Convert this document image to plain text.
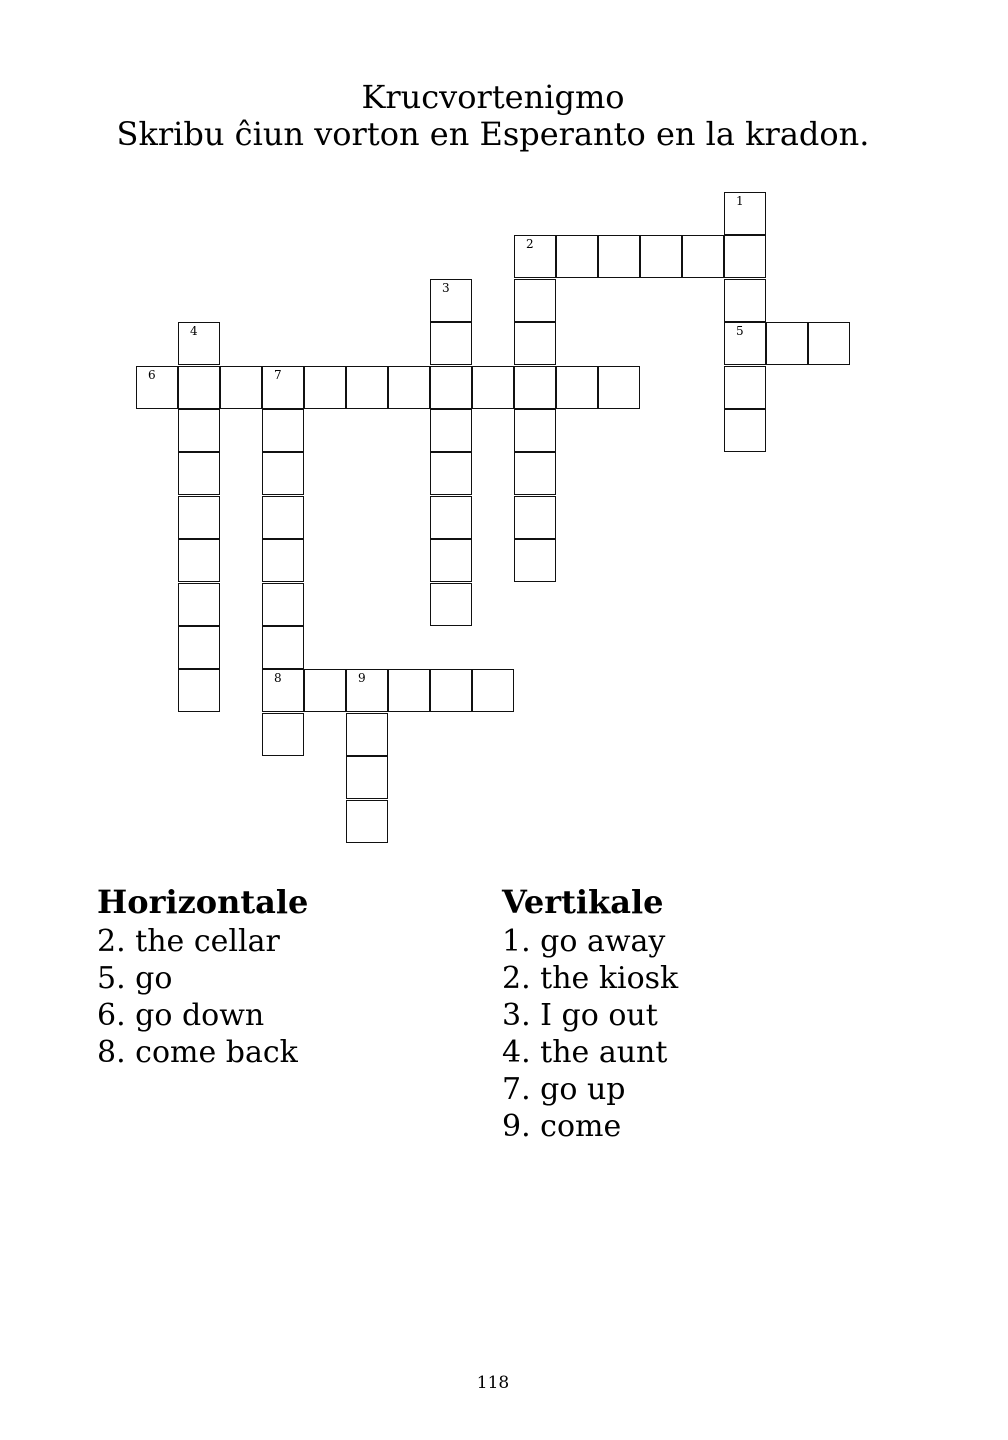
Krucvortenigmo

Skribu ĉiun vorton en Esperanto en la kradon.

1
5
2
3
4
6	7
8	9
Horizontale
2. the cellar
5. go
6. go down
8. come back
Vertikale
1. go away
2. the kiosk
3. I go out
4. the aunt
7. go up
9. come
118
